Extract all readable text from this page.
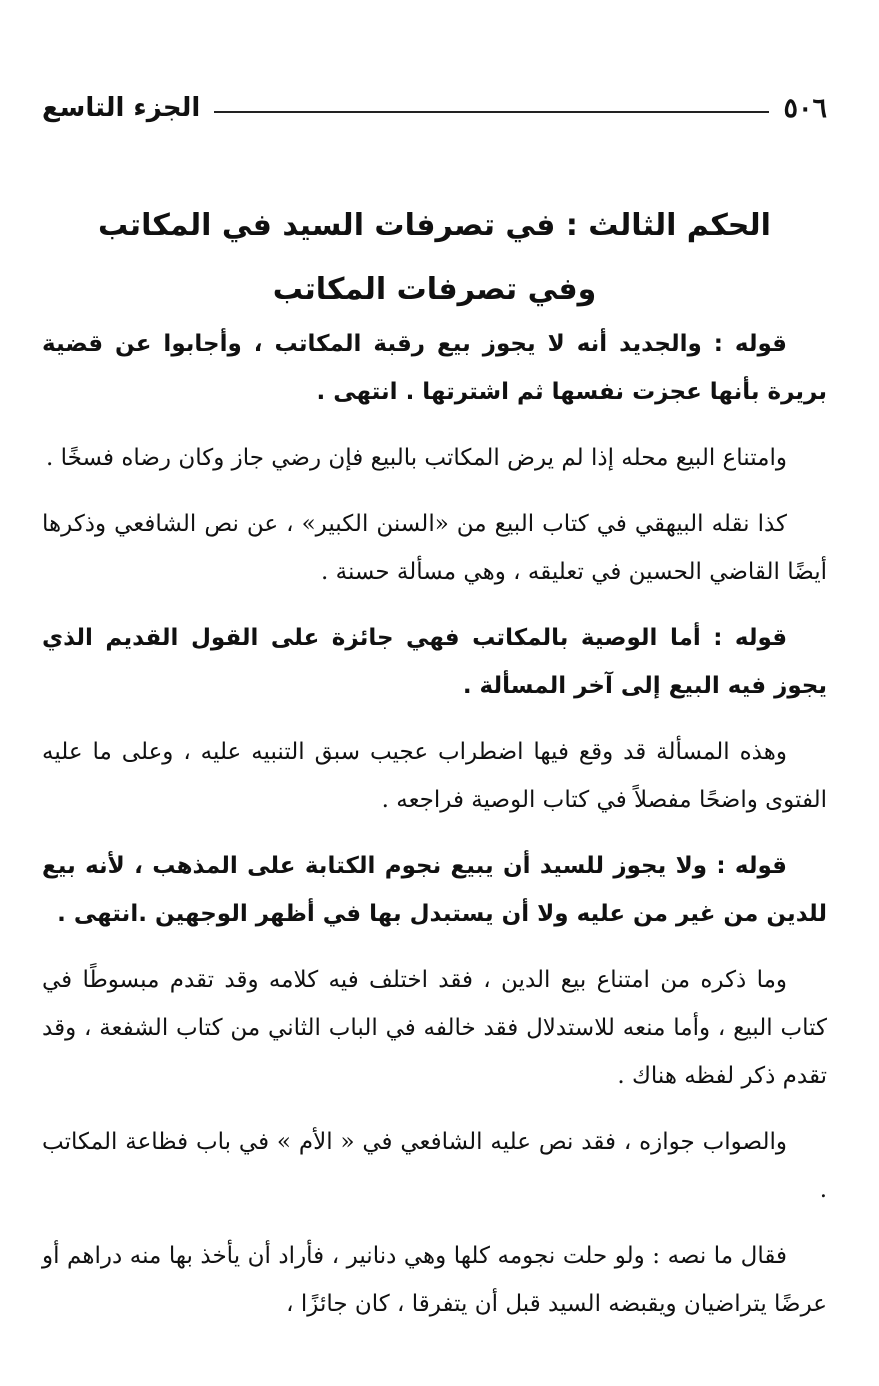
٥٠٦
الجزء التاسع
الحكم الثالث : في تصرفات السيد في المكاتب
وفي تصرفات المكاتب

قوله : والجديد أنه لا يجوز بيع رقبة المكاتب ، وأجابوا عن قضية بريرة بأنها عجزت نفسها ثم اشترتها . انتهى .

وامتناع البيع محله إذا لم يرض المكاتب بالبيع فإن رضي جاز وكان رضاه فسخًا .

كذا نقله البيهقي في كتاب البيع من «السنن الكبير» ، عن نص الشافعي وذكرها أيضًا القاضي الحسين في تعليقه ، وهي مسألة حسنة .

قوله : أما الوصية بالمكاتب فهي جائزة على القول القديم الذي يجوز فيه البيع إلى آخر المسألة .

وهذه المسألة قد وقع فيها اضطراب عجيب سبق التنبيه عليه ، وعلى ما عليه الفتوى واضحًا مفصلاً في كتاب الوصية فراجعه .

قوله : ولا يجوز للسيد أن يبيع نجوم الكتابة على المذهب ، لأنه بيع للدين من غير من عليه ولا أن يستبدل بها في أظهر الوجهين .انتهى .

وما ذكره من امتناع بيع الدين ، فقد اختلف فيه كلامه وقد تقدم مبسوطًا في كتاب البيع ، وأما منعه للاستدلال فقد خالفه في الباب الثاني من كتاب الشفعة ، وقد تقدم ذكر لفظه هناك .

والصواب جوازه ، فقد نص عليه الشافعي في « الأم » في باب فظاعة المكاتب .

فقال ما نصه : ولو حلت نجومه كلها وهي دنانير ، فأراد أن يأخذ بها منه دراهم أو عرضًا يتراضيان ويقبضه السيد قبل أن يتفرقا ، كان جائزًا ،
